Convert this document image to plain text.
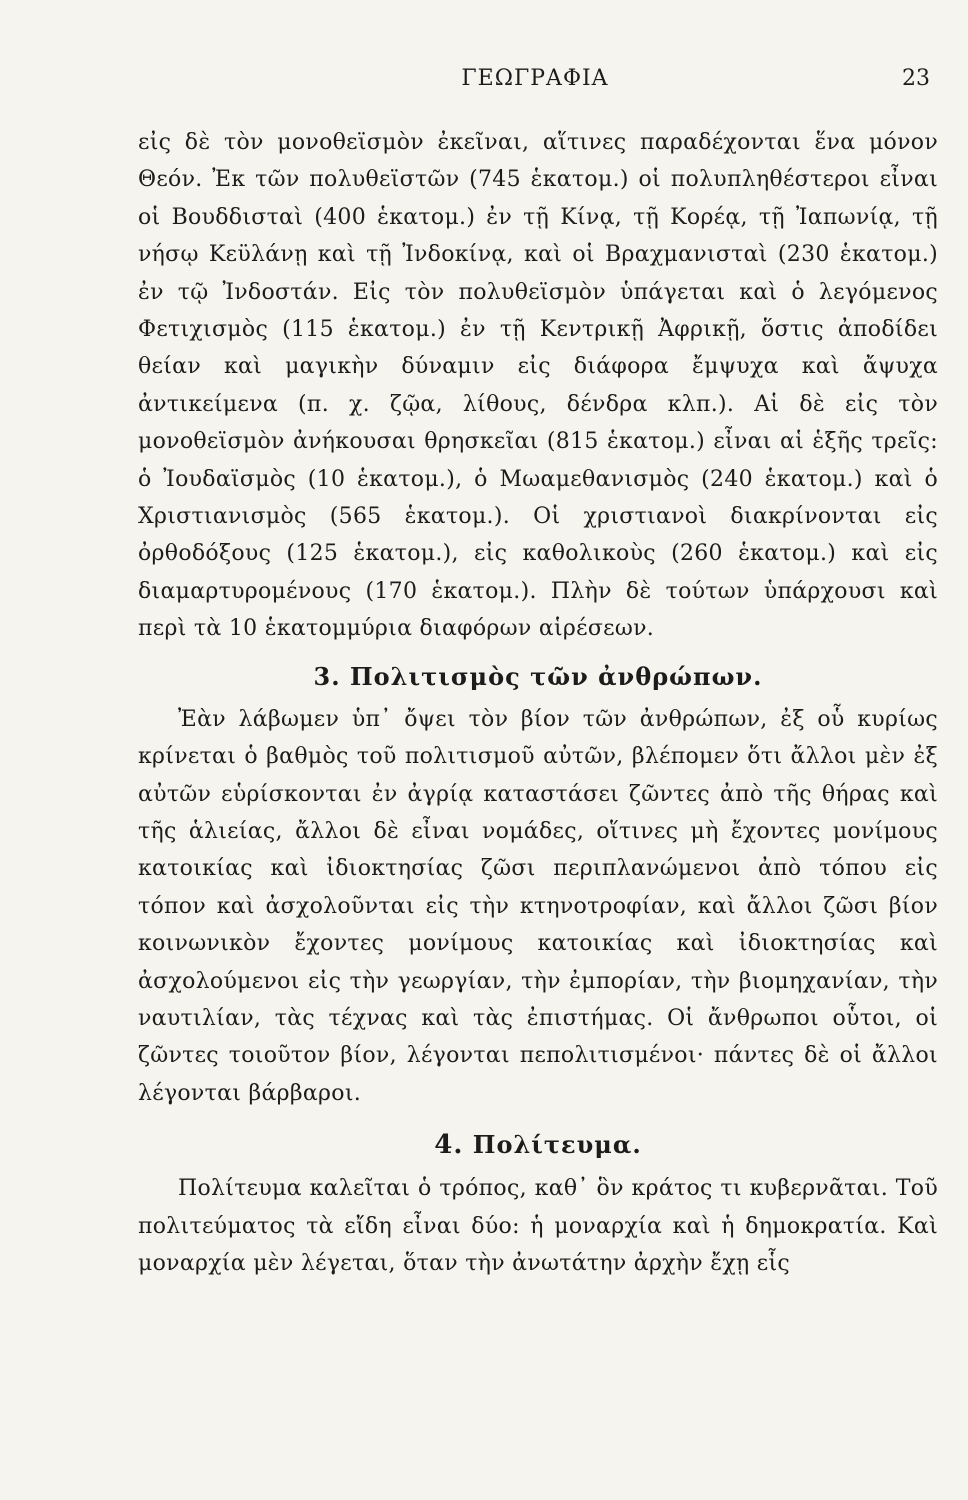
ΓΕΩΓΡΑΦΙΑ	23

εἰς δὲ τὸν μονοθεϊσμὸν ἐκεῖναι, αἵτινες παραδέχονται ἕνα μόνον Θεόν. Ἐκ τῶν πολυθεϊστῶν (745 ἑκατομ.) οἱ πολυπληθέστεροι εἶναι οἱ Βουδδισταὶ (400 ἑκατομ.) ἐν τῇ Κίνᾳ, τῇ Κορέᾳ, τῇ Ἰαπωνίᾳ, τῇ νήσῳ Κεϋλάνῃ καὶ τῇ Ἰνδοκίνᾳ, καὶ οἱ Βραχμανισταὶ (230 ἑκατομ.) ἐν τῷ Ἰνδοστάν. Εἰς τὸν πολυθεϊσμὸν ὑπάγεται καὶ ὁ λεγόμενος Φετιχισμὸς (115 ἑκατομ.) ἐν τῇ Κεντρικῇ Ἀφρικῇ, ὅστις ἀποδίδει θείαν καὶ μαγικὴν δύναμιν εἰς διάφορα ἔμψυχα καὶ ἄψυχα ἀντικείμενα (π. χ. ζῷα, λίθους, δένδρα κλπ.). Αἱ δὲ εἰς τὸν μονοθεϊσμὸν ἀνήκουσαι θρησκεῖαι (815 ἑκατομ.) εἶναι αἱ ἑξῆς τρεῖς: ὁ Ἰουδαϊσμὸς (10 ἑκατομ.), ὁ Μωαμεθανισμὸς (240 ἑκατομ.) καὶ ὁ Χριστιανισμὸς (565 ἑκατομ.). Οἱ χριστιανοὶ διακρίνονται εἰς ὀρθοδόξους (125 ἑκατομ.), εἰς καθολικοὺς (260 ἑκατομ.) καὶ εἰς διαμαρτυρομένους (170 ἑκατομ.). Πλὴν δὲ τούτων ὑπάρχουσι καὶ περὶ τὰ 10 ἑκατομμύρια διαφόρων αἱρέσεων.

3. Πολιτισμὸς τῶν ἀνθρώπων.

Ἐὰν λάβωμεν ὑπ᾿ ὄψει τὸν βίον τῶν ἀνθρώπων, ἐξ οὗ κυρίως κρίνεται ὁ βαθμὸς τοῦ πολιτισμοῦ αὐτῶν, βλέπομεν ὅτι ἄλλοι μὲν ἐξ αὐτῶν εὑρίσκονται ἐν ἀγρίᾳ καταστάσει ζῶντες ἀπὸ τῆς θήρας καὶ τῆς ἁλιείας, ἄλλοι δὲ εἶναι νομάδες, οἵτινες μὴ ἔχοντες μονίμους κατοικίας καὶ ἰδιοκτησίας ζῶσι περιπλανώμενοι ἀπὸ τόπου εἰς τόπον καὶ ἀσχολοῦνται εἰς τὴν κτηνοτροφίαν, καὶ ἄλλοι ζῶσι βίον κοινωνικὸν ἔχοντες μονίμους κατοικίας καὶ ἰδιοκτησίας καὶ ἀσχολούμενοι εἰς τὴν γεωργίαν, τὴν ἐμπορίαν, τὴν βιομηχανίαν, τὴν ναυτιλίαν, τὰς τέχνας καὶ τὰς ἐπιστήμας. Οἱ ἄνθρωποι οὗτοι, οἱ ζῶντες τοιοῦτον βίον, λέγονται πεπολιτισμένοι· πάντες δὲ οἱ ἄλλοι λέγονται βάρβαροι.

4. Πολίτευμα.

Πολίτευμα καλεῖται ὁ τρόπος, καθ᾿ ὃν κράτος τι κυβερνᾶται. Τοῦ πολιτεύματος τὰ εἴδη εἶναι δύο: ἡ μοναρχία καὶ ἡ δημοκρατία. Καὶ μοναρχία μὲν λέγεται, ὅταν τὴν ἀνωτάτην ἀρχὴν ἔχῃ εἷς
